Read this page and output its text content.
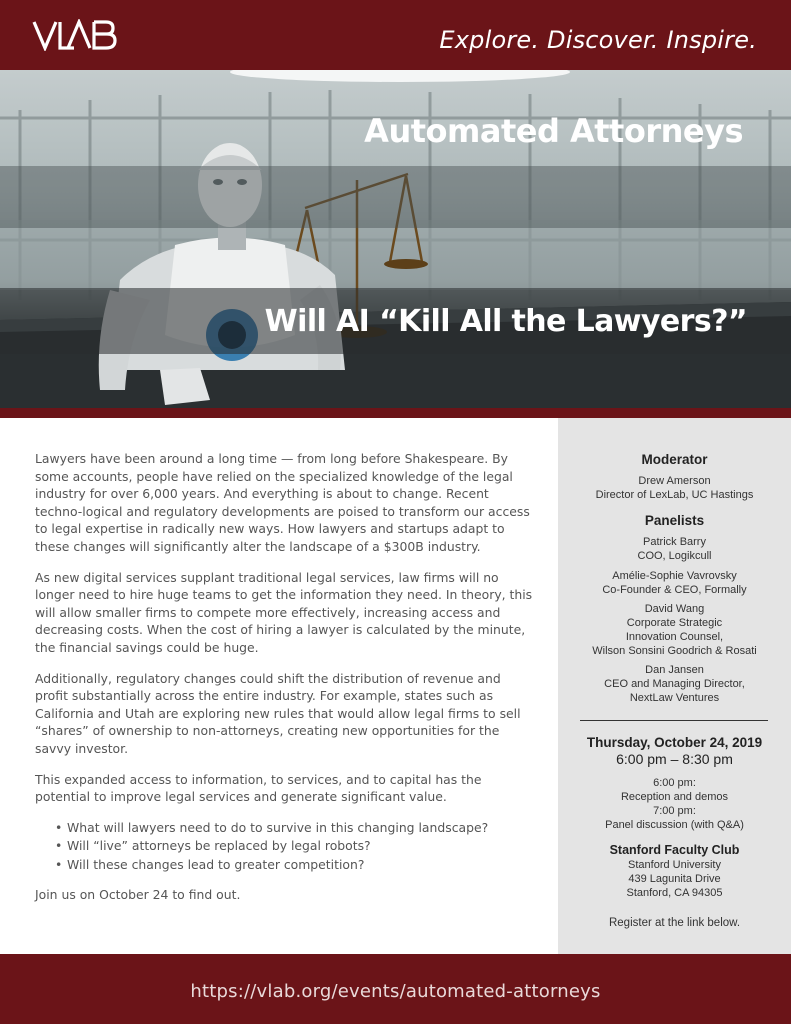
Explore. Discover. Inspire.
Automated Attorneys
Will AI “Kill All the Lawyers?”

Lawyers have been around a long time — from long before Shakespeare. By some accounts, people have relied on the specialized knowledge of the legal industry for over 6,000 years. And everything is about to change. Recent techno-logical and regulatory developments are poised to transform our access to legal expertise in radically new ways. How lawyers and startups adapt to these changes will significantly alter the landscape of a $300B industry.

As new digital services supplant traditional legal services, law firms will no longer need to hire huge teams to get the information they need. In theory, this will allow smaller firms to compete more effectively, increasing access and decreasing costs. When the cost of hiring a lawyer is calculated by the minute, the financial savings could be huge.

Additionally, regulatory changes could shift the distribution of revenue and profit substantially across the entire industry. For example, states such as California and Utah are exploring new rules that would allow legal firms to sell “shares” of ownership to non-attorneys, creating new opportunities for the savvy investor.

This expanded access to information, to services, and to capital has the potential to improve legal services and generate significant value.

• What will lawyers need to do to survive in this changing landscape?
• Will “live” attorneys be replaced by legal robots?
• Will these changes lead to greater competition?

Join us on October 24 to find out.

Moderator
Drew Amerson
Director of LexLab, UC Hastings
Panelists
Patrick Barry
COO, Logikcull
Amélie-Sophie Vavrovsky
Co-Founder & CEO, Formally
David Wang
Corporate Strategic
Innovation Counsel,
Wilson Sonsini Goodrich & Rosati
Dan Jansen
CEO and Managing Director,
NextLaw Ventures
Thursday, October 24, 2019
6:00 pm – 8:30 pm
6:00 pm:
Reception and demos
7:00 pm:
Panel discussion (with Q&A)
Stanford Faculty Club
Stanford University
439 Lagunita Drive
Stanford, CA 94305
Register at the link below.
https://vlab.org/events/automated-attorneys
